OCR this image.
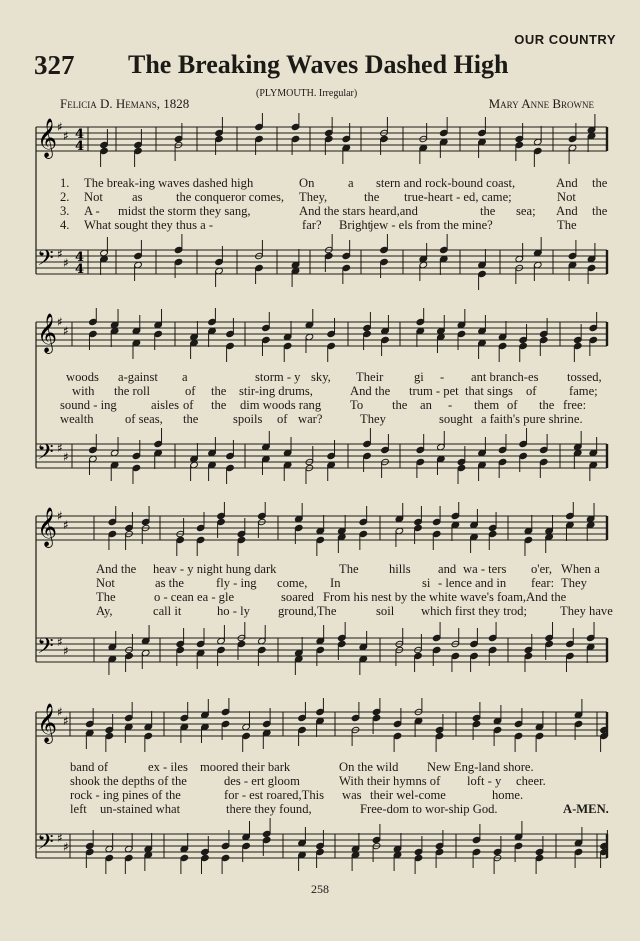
OUR COUNTRY
327 The Breaking Waves Dashed High
Felicia D. Hemans, 1828
(PLYMOUTH. Irregular)
Mary Anne Browne
𝄞 ♯
♯ 4
4
𝄢 ♯
♯ 4
4
1. The break-ing waves dashed high	On	a stern and rock-bound coast,	And the
2. Not as	the conqueror comes, They,	the true-heart - ed, came;	Not
3. A - midst the storm they sang,	And the stars heard,and	the sea; And the
4. What sought they thus a -	far? Bright
jew - els from the mine?	The
𝄞 ♯
♯
𝄢 ♯
♯
woods a-gainst a	storm - y sky, Their gi - ant branch-es tossed,
with the roll	of the stir-ing drums,	And the trum - pet that sings of	fame;
sound - ing	aisles of the dim woods rang To the an - them of the free:
wealth of seas, the	spoils of war?	They	sought a faith's pure shrine.
𝄞 ♯
♯
𝄢 ♯
♯
And the heav - y night hung dark	The hills and wa - ters o'er, When a
Not	as the	fly - ing come, In	si - lence and in fear: They
The	o - cean ea - gle	soared From his nest by the white wave's foam,And the
Ay,	call it	ho - ly ground,The	soil which first they trod;	They have
𝄞 ♯
♯
𝄢 ♯
♯
band of	ex - iles moored their bark	On the wild New Eng-land shore.
shook the depths of the	des - ert gloom	With their hymns of loft - y cheer.
rock - ing pines of the	for - est roared,This was their wel-come	home.
left un-stained what	there they found,	Free-dom to wor-ship God.	A-MEN.
258
